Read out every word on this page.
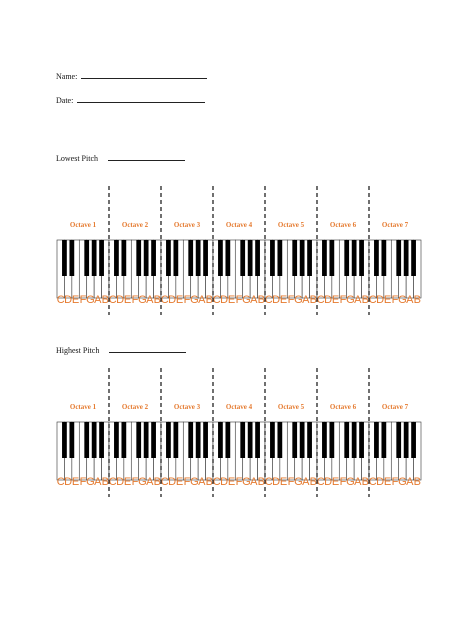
Name:
Date:
Lowest Pitch
Octave 1	Octave 2	Octave 3	Octave 4	Octave 5	Octave 6	Octave 7
C D E F G A B C D E F G A B C D E F G A B C D E F G A B C D E F G A B C D E F G A B C D E F G A B
Highest Pitch
Octave 1	Octave 2	Octave 3	Octave 4	Octave 5	Octave 6	Octave 7
C D E F G A B C D E F G A B C D E F G A B C D E F G A B C D E F G A B C D E F G A B C D E F G A B
